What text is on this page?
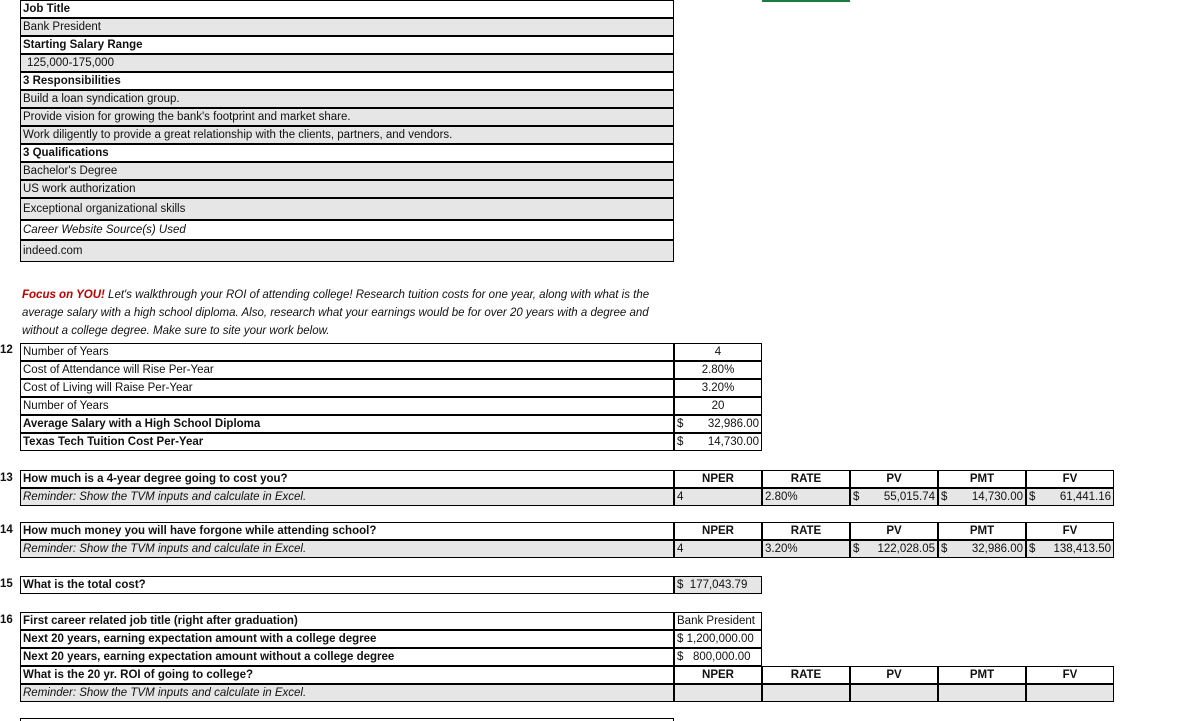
Job Title
Bank President
Starting Salary Range
125,000-175,000
3 Responsibilities
Build a loan syndication group.
Provide vision for growing the bank's footprint and market share.
Work diligently to provide a great relationship with the clients, partners, and vendors.
3 Qualifications
Bachelor's Degree
US work authorization
Exceptional organizational skills
Career Website Source(s) Used
indeed.com
Focus on YOU! Let's walkthrough your ROI of attending college! Research tuition costs for one year, along with what is the average salary with a high school diploma. Also, research what your earnings would be for over 20 years with a degree and without a college degree. Make sure to site your work below.
12 Number of Years	4
Cost of Attendance will Rise Per-Year	2.80%
Cost of Living will Raise Per-Year	3.20%
Number of Years	20
Average Salary with a High School Diploma	$ 32,986.00
Texas Tech Tuition Cost Per-Year	$ 14,730.00
13 How much is a 4-year degree going to cost you?
Reminder: Show the TVM inputs and calculate in Excel.
NPER	RATE	PV	PMT	FV
4	2.80%	$ 55,015.74 $ 14,730.00 $ 61,441.16
14 How much money you will have forgone while attending school?
Reminder: Show the TVM inputs and calculate in Excel.
NPER	RATE	PV	PMT	FV
4	3.20%	$ 122,028.05 $ 32,986.00 $ 138,413.50
15 What is the total cost?	$ 177,043.79
16 First career related job title (right after graduation)	Bank President
Next 20 years, earning expectation amount with a college degree	$ 1,200,000.00
Next 20 years, earning expectation amount without a college degree	$ 800,000.00
What is the 20 yr. ROI of going to college?
Reminder: Show the TVM inputs and calculate in Excel.
NPER	RATE	PV	PMT	FV
